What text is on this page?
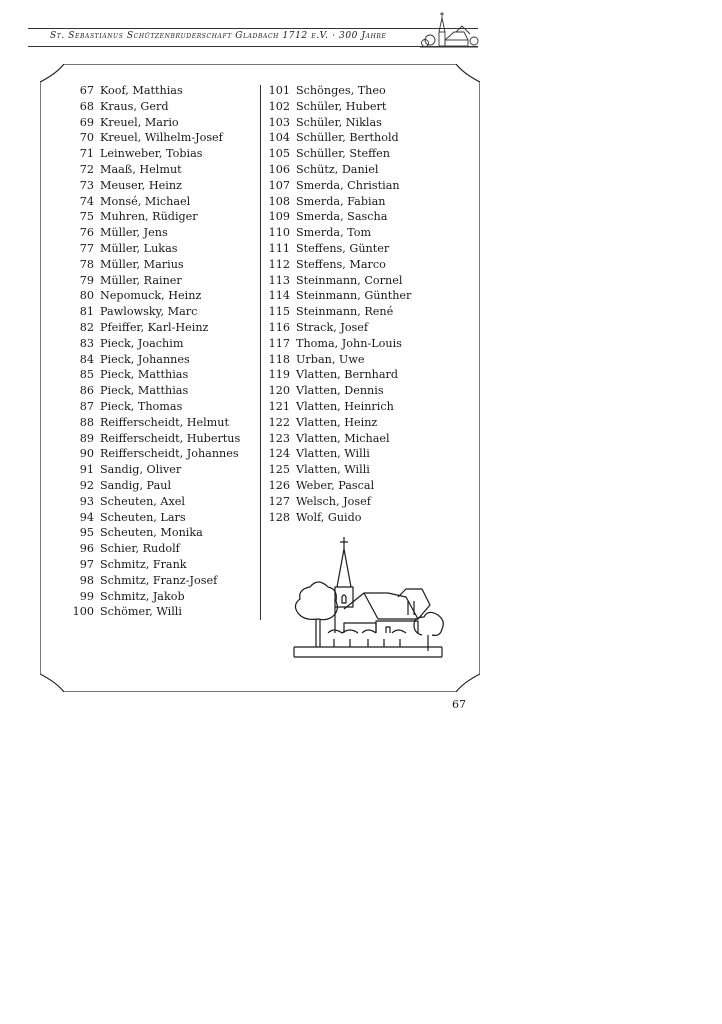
St. Sebastianus Schützenbruderschaft Gladbach 1712 e.V. · 300 Jahre
67 Koof, Matthias
68 Kraus, Gerd
69 Kreuel, Mario
70 Kreuel, Wilhelm-Josef
71 Leinweber, Tobias
72 Maaß, Helmut
73 Meuser, Heinz
74 Monsé, Michael
75 Muhren, Rüdiger
76 Müller, Jens
77 Müller, Lukas
78 Müller, Marius
79 Müller, Rainer
80 Nepomuck, Heinz
81 Pawlowsky, Marc
82 Pfeiffer, Karl-Heinz
83 Pieck, Joachim
84 Pieck, Johannes
85 Pieck, Matthias
86 Pieck, Matthias
87 Pieck, Thomas
88 Reifferscheidt, Helmut
89 Reifferscheidt, Hubertus
90 Reifferscheidt, Johannes
91 Sandig, Oliver
92 Sandig, Paul
93 Scheuten, Axel
94 Scheuten, Lars
95 Scheuten, Monika
96 Schier, Rudolf
97 Schmitz, Frank
98 Schmitz, Franz-Josef
99 Schmitz, Jakob
100 Schömer, Willi
101 Schönges, Theo
102 Schüler, Hubert
103 Schüler, Niklas
104 Schüller, Berthold
105 Schüller, Steffen
106 Schütz, Daniel
107 Smerda, Christian
108 Smerda, Fabian
109 Smerda, Sascha
110 Smerda, Tom
111 Steffens, Günter
112 Steffens, Marco
113 Steinmann, Cornel
114 Steinmann, Günther
115 Steinmann, René
116 Strack, Josef
117 Thoma, John-Louis
118 Urban, Uwe
119 Vlatten, Bernhard
120 Vlatten, Dennis
121 Vlatten, Heinrich
122 Vlatten, Heinz
123 Vlatten, Michael
124 Vlatten, Willi
125 Vlatten, Willi
126 Weber, Pascal
127 Welsch, Josef
128 Wolf, Guido
67
